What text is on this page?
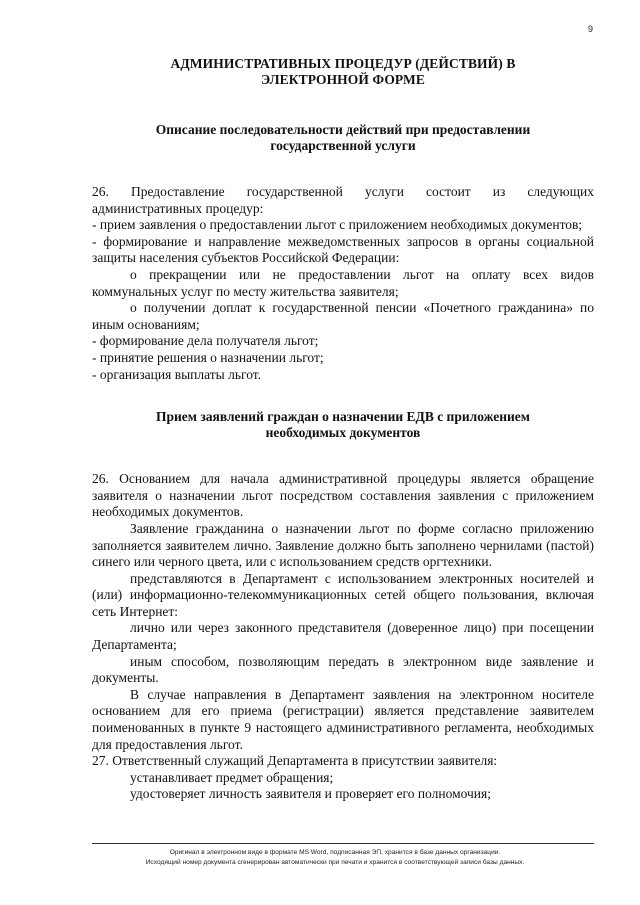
9
АДМИНИСТРАТИВНЫХ ПРОЦЕДУР (ДЕЙСТВИЙ) В
ЭЛЕКТРОННОЙ ФОРМЕ
Описание последовательности действий при предоставлении
государственной услуги

26. Предоставление государственной услуги состоит из следующих административных процедур:

- прием заявления о предоставлении льгот с приложением необходимых документов;

- формирование и направление межведомственных запросов в органы социальной защиты населения субъектов Российской Федерации:

о прекращении или не предоставлении льгот на оплату всех видов коммунальных услуг по месту жительства заявителя;

о получении доплат к государственной пенсии «Почетного гражданина» по иным основаниям;

- формирование дела получателя льгот;

- принятие решения о назначении льгот;

- организация выплаты льгот.

Прием заявлений граждан о назначении ЕДВ с приложением
необходимых документов

26. Основанием для начала административной процедуры является обращение заявителя о назначении льгот посредством составления заявления с приложением необходимых документов.

Заявление гражданина о назначении льгот по форме согласно приложению заполняется заявителем лично. Заявление должно быть заполнено чернилами (пастой) синего или черного цвета, или с использованием средств оргтехники.

представляются в Департамент с использованием электронных носителей и (или) информационно-телекоммуникационных сетей общего пользования, включая сеть Интернет:

лично или через законного представителя (доверенное лицо) при посещении Департамента;

иным способом, позволяющим передать в электронном виде заявление и документы.

В случае направления в Департамент заявления на электронном носителе основанием для его приема (регистрации) является представление заявителем поименованных в пункте 9 настоящего административного регламента, необходимых для предоставления льгот.

27. Ответственный служащий Департамента в присутствии заявителя:

устанавливает предмет обращения;

удостоверяет личность заявителя и проверяет его полномочия;

Оригинал в электронном виде в формате MS Word, подписанная ЭП, хранится в базе данных организации.
Исходящий номер документа сгенерирован автоматически при печати и хранится в соответствующей записи базы данных.
